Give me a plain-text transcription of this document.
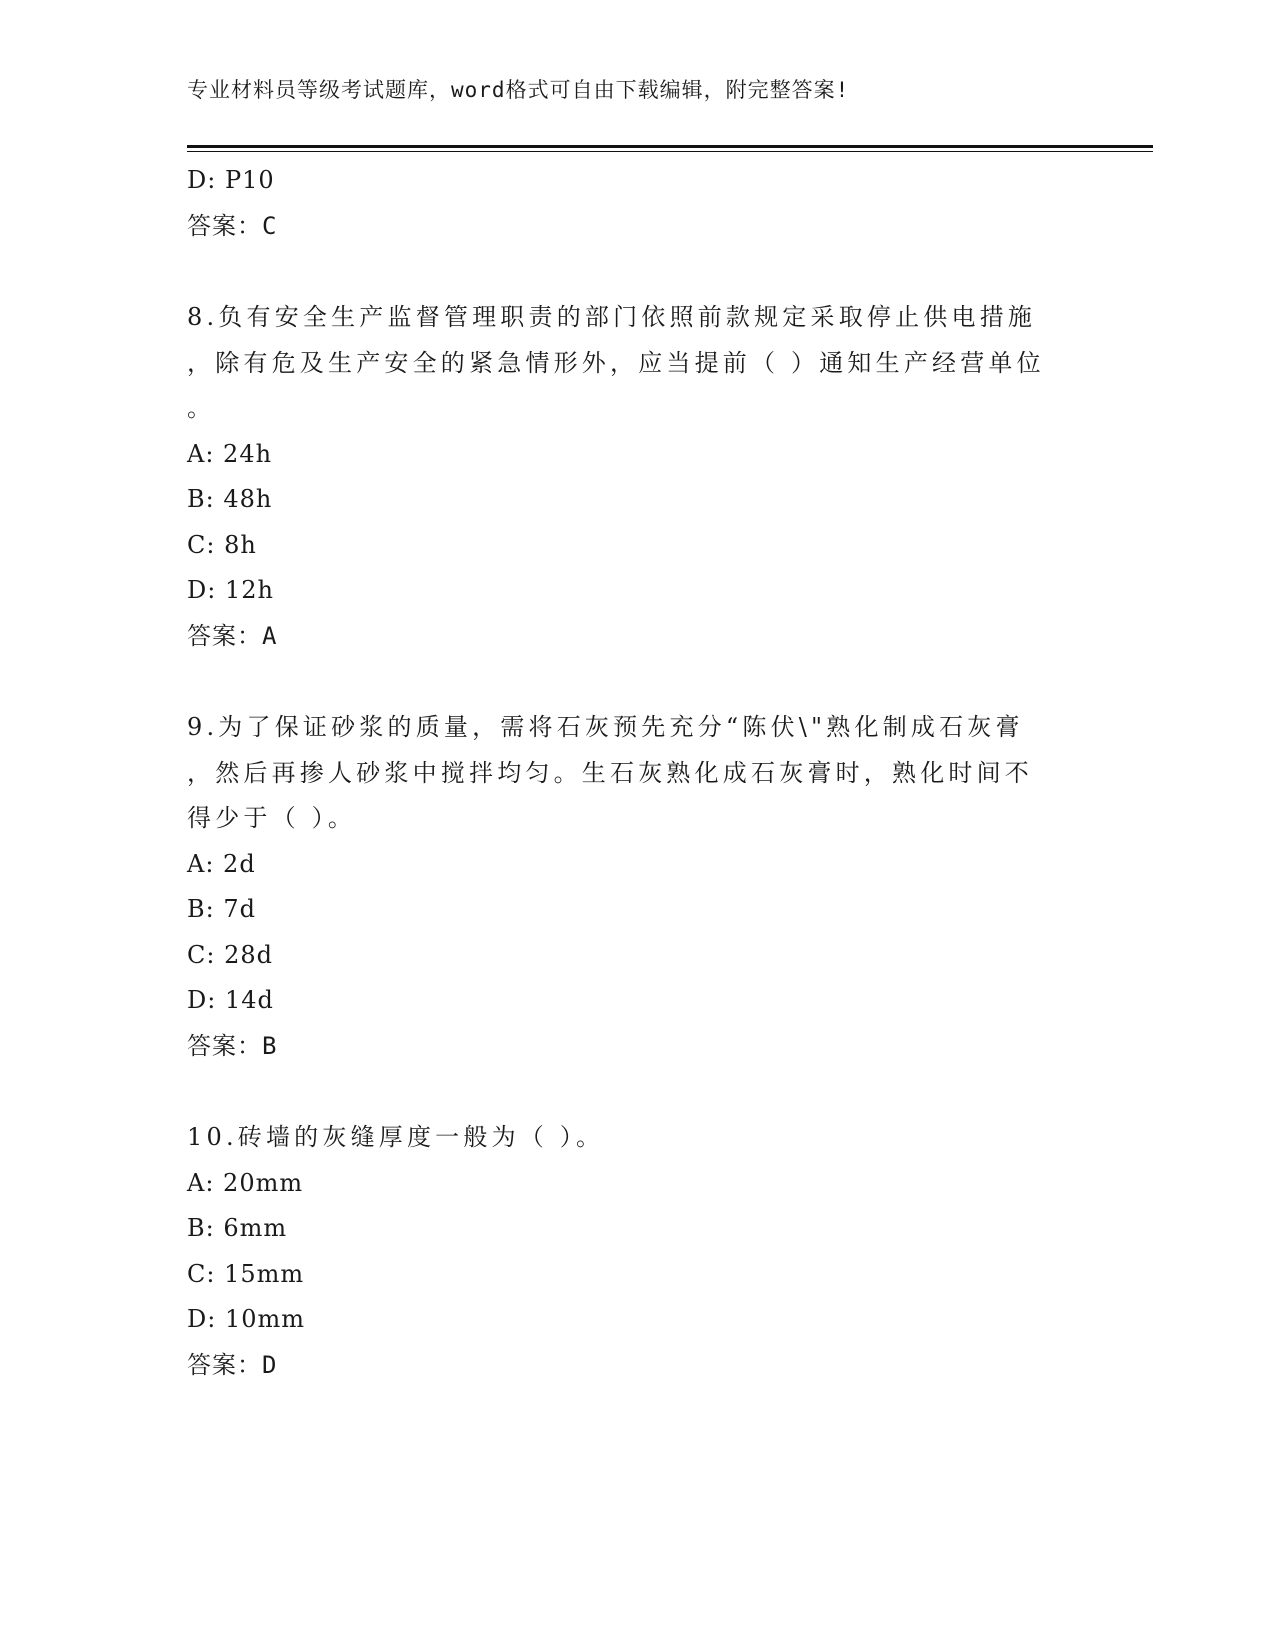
专业材料员等级考试题库，word格式可自由下载编辑，附完整答案!
D: P10
答案：C
8.负有安全生产监督管理职责的部门依照前款规定采取停止供电措施
，除有危及生产安全的紧急情形外，应当提前（ ）通知生产经营单位
。
A: 24h
B: 48h
C: 8h
D: 12h
答案：A
9.为了保证砂浆的质量，需将石灰预先充分“陈伏\"熟化制成石灰膏
，然后再掺人砂浆中搅拌均匀。生石灰熟化成石灰膏时，熟化时间不
得少于（ ）。
A: 2d
B: 7d
C: 28d
D: 14d
答案：B
10.砖墙的灰缝厚度一般为（ ）。
A: 20mm
B: 6mm
C: 15mm
D: 10mm
答案：D
